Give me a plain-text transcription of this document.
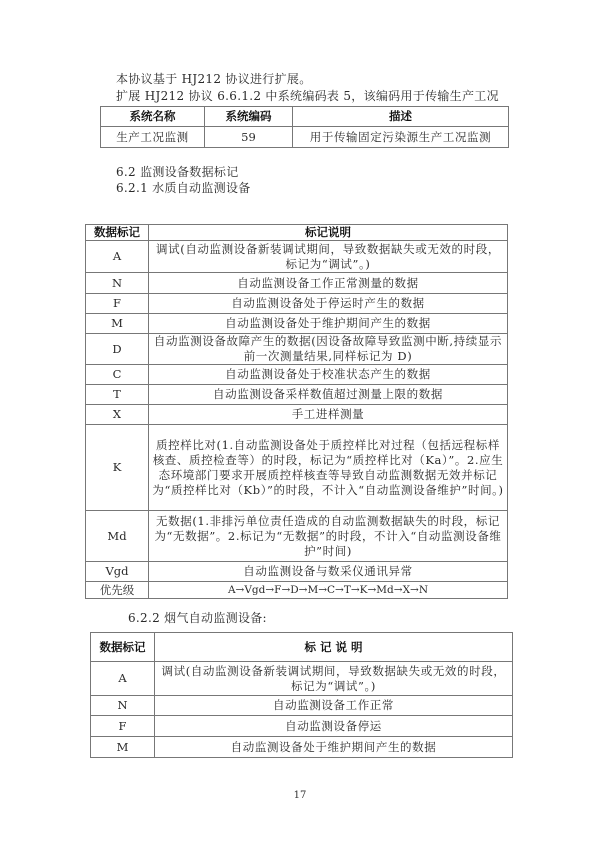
本协议基于 HJ212 协议进行扩展。
扩展 HJ212 协议 6.6.1.2 中系统编码表 5，该编码用于传输生产工况
系统名称	系统编码	描述
生产工况监测	59	用于传输固定污染源生产工况监测
6.2 监测设备数据标记
6.2.1 水质自动监测设备
数据标记	标记说明
A	调试(自动监测设备新装调试期间，导致数据缺失或无效的时段，标记为“调试”。)
N	自动监测设备工作正常测量的数据
F	自动监测设备处于停运时产生的数据
M	自动监测设备处于维护期间产生的数据
D	自动监测设备故障产生的数据(因设备故障导致监测中断,持续显示前一次测量结果,同样标记为 D)
C	自动监测设备处于校准状态产生的数据
T	自动监测设备采样数值超过测量上限的数据
X	手工进样测量
K	质控样比对(1.自动监测设备处于质控样比对过程（包括远程标样核查、质控检查等）的时段，标记为“质控样比对（Ka）”。2.应生态环境部门要求开展质控样核查等导致自动监测数据无效并标记为“质控样比对（Kb）”的时段，不计入“自动监测设备维护”时间。)
Md	无数据(1.非排污单位责任造成的自动监测数据缺失的时段，标记为“无数据”。2.标记为“无数据”的时段，不计入“自动监测设备维护”时间)
Vgd	自动监测设备与数采仪通讯异常
优先级	A→Vgd→F→D→M→C→T→K→Md→X→N
6.2.2 烟气自动监测设备:
数据标记	标 记 说 明
A	调试(自动监测设备新装调试期间，导致数据缺失或无效的时段，标记为“调试”。)
N	自动监测设备工作正常
F	自动监测设备停运
M	自动监测设备处于维护期间产生的数据
17
